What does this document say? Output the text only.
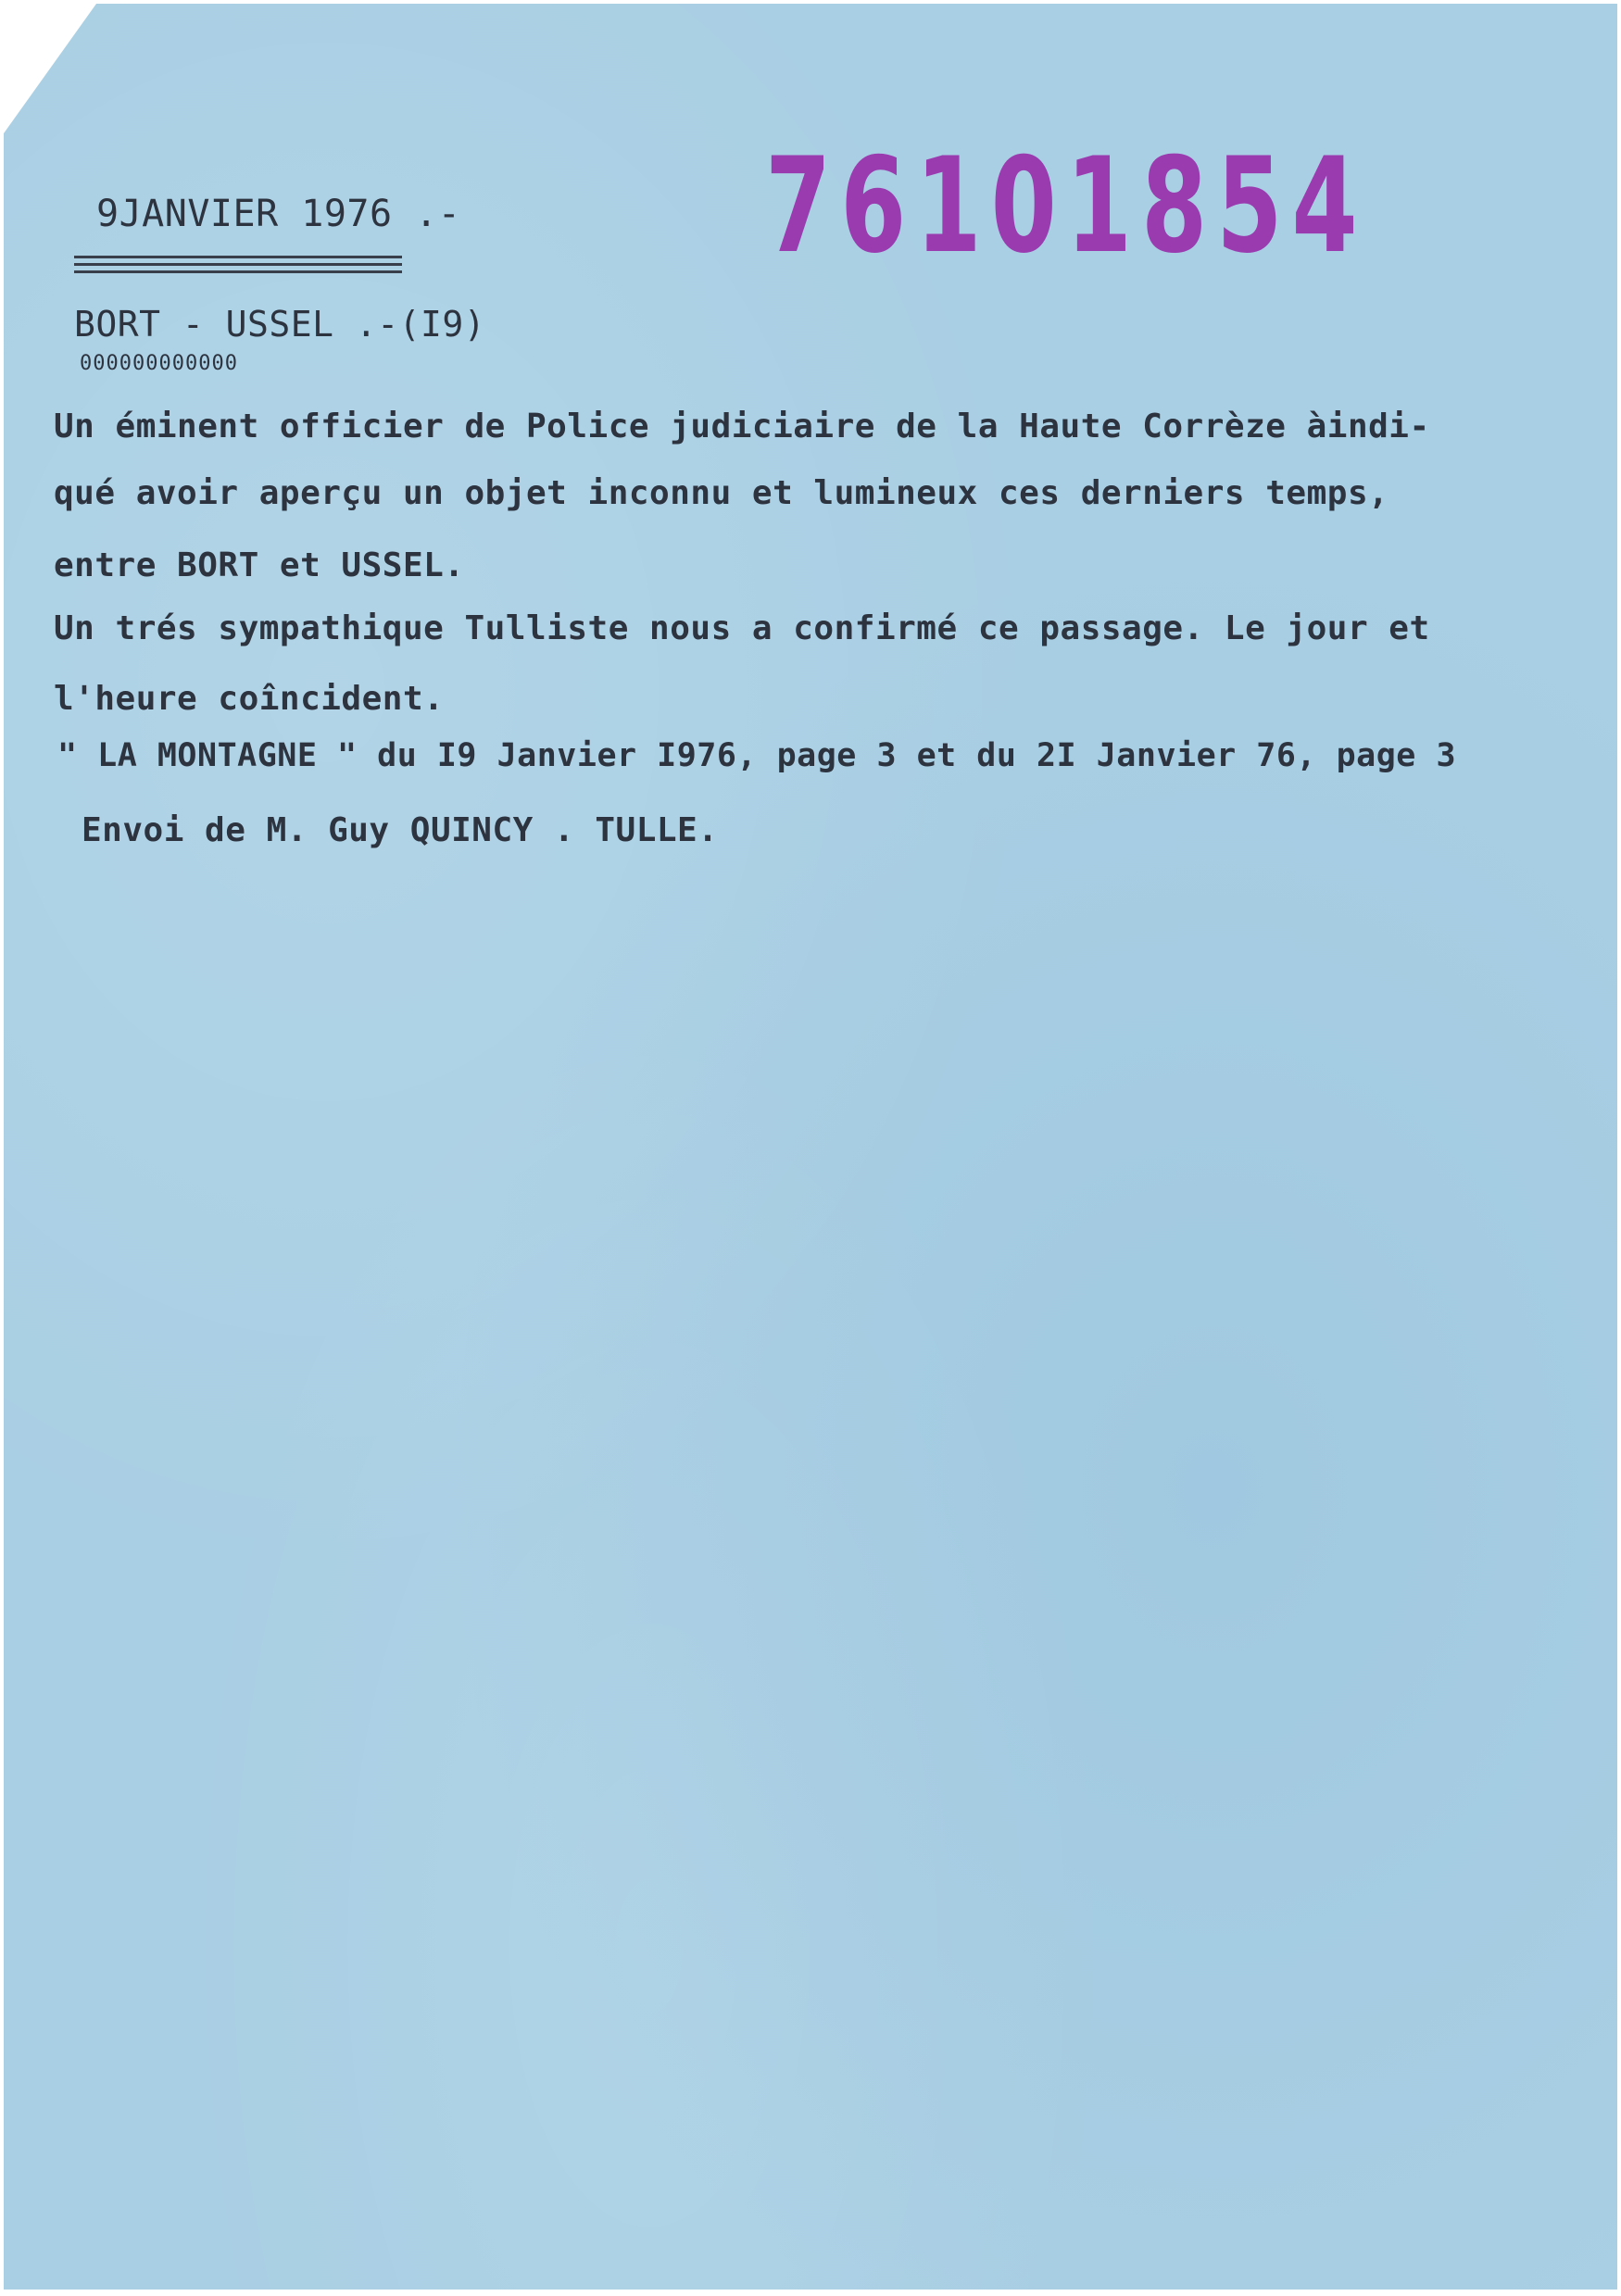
9JANVIER 1976 .- 76101854
BORT - USSEL .-(I9)
000000000000
Un éminent officier de Police judiciaire de la Haute Corrèze àindi-
qué avoir aperçu un objet inconnu et lumineux ces derniers temps,
entre BORT et USSEL.
Un trés sympathique Tulliste nous a confirmé ce passage. Le jour et
l'heure coîncident.
" LA MONTAGNE " du I9 Janvier I976, page 3 et du 2I Janvier 76, page 3
Envoi de M. Guy QUINCY . TULLE.
